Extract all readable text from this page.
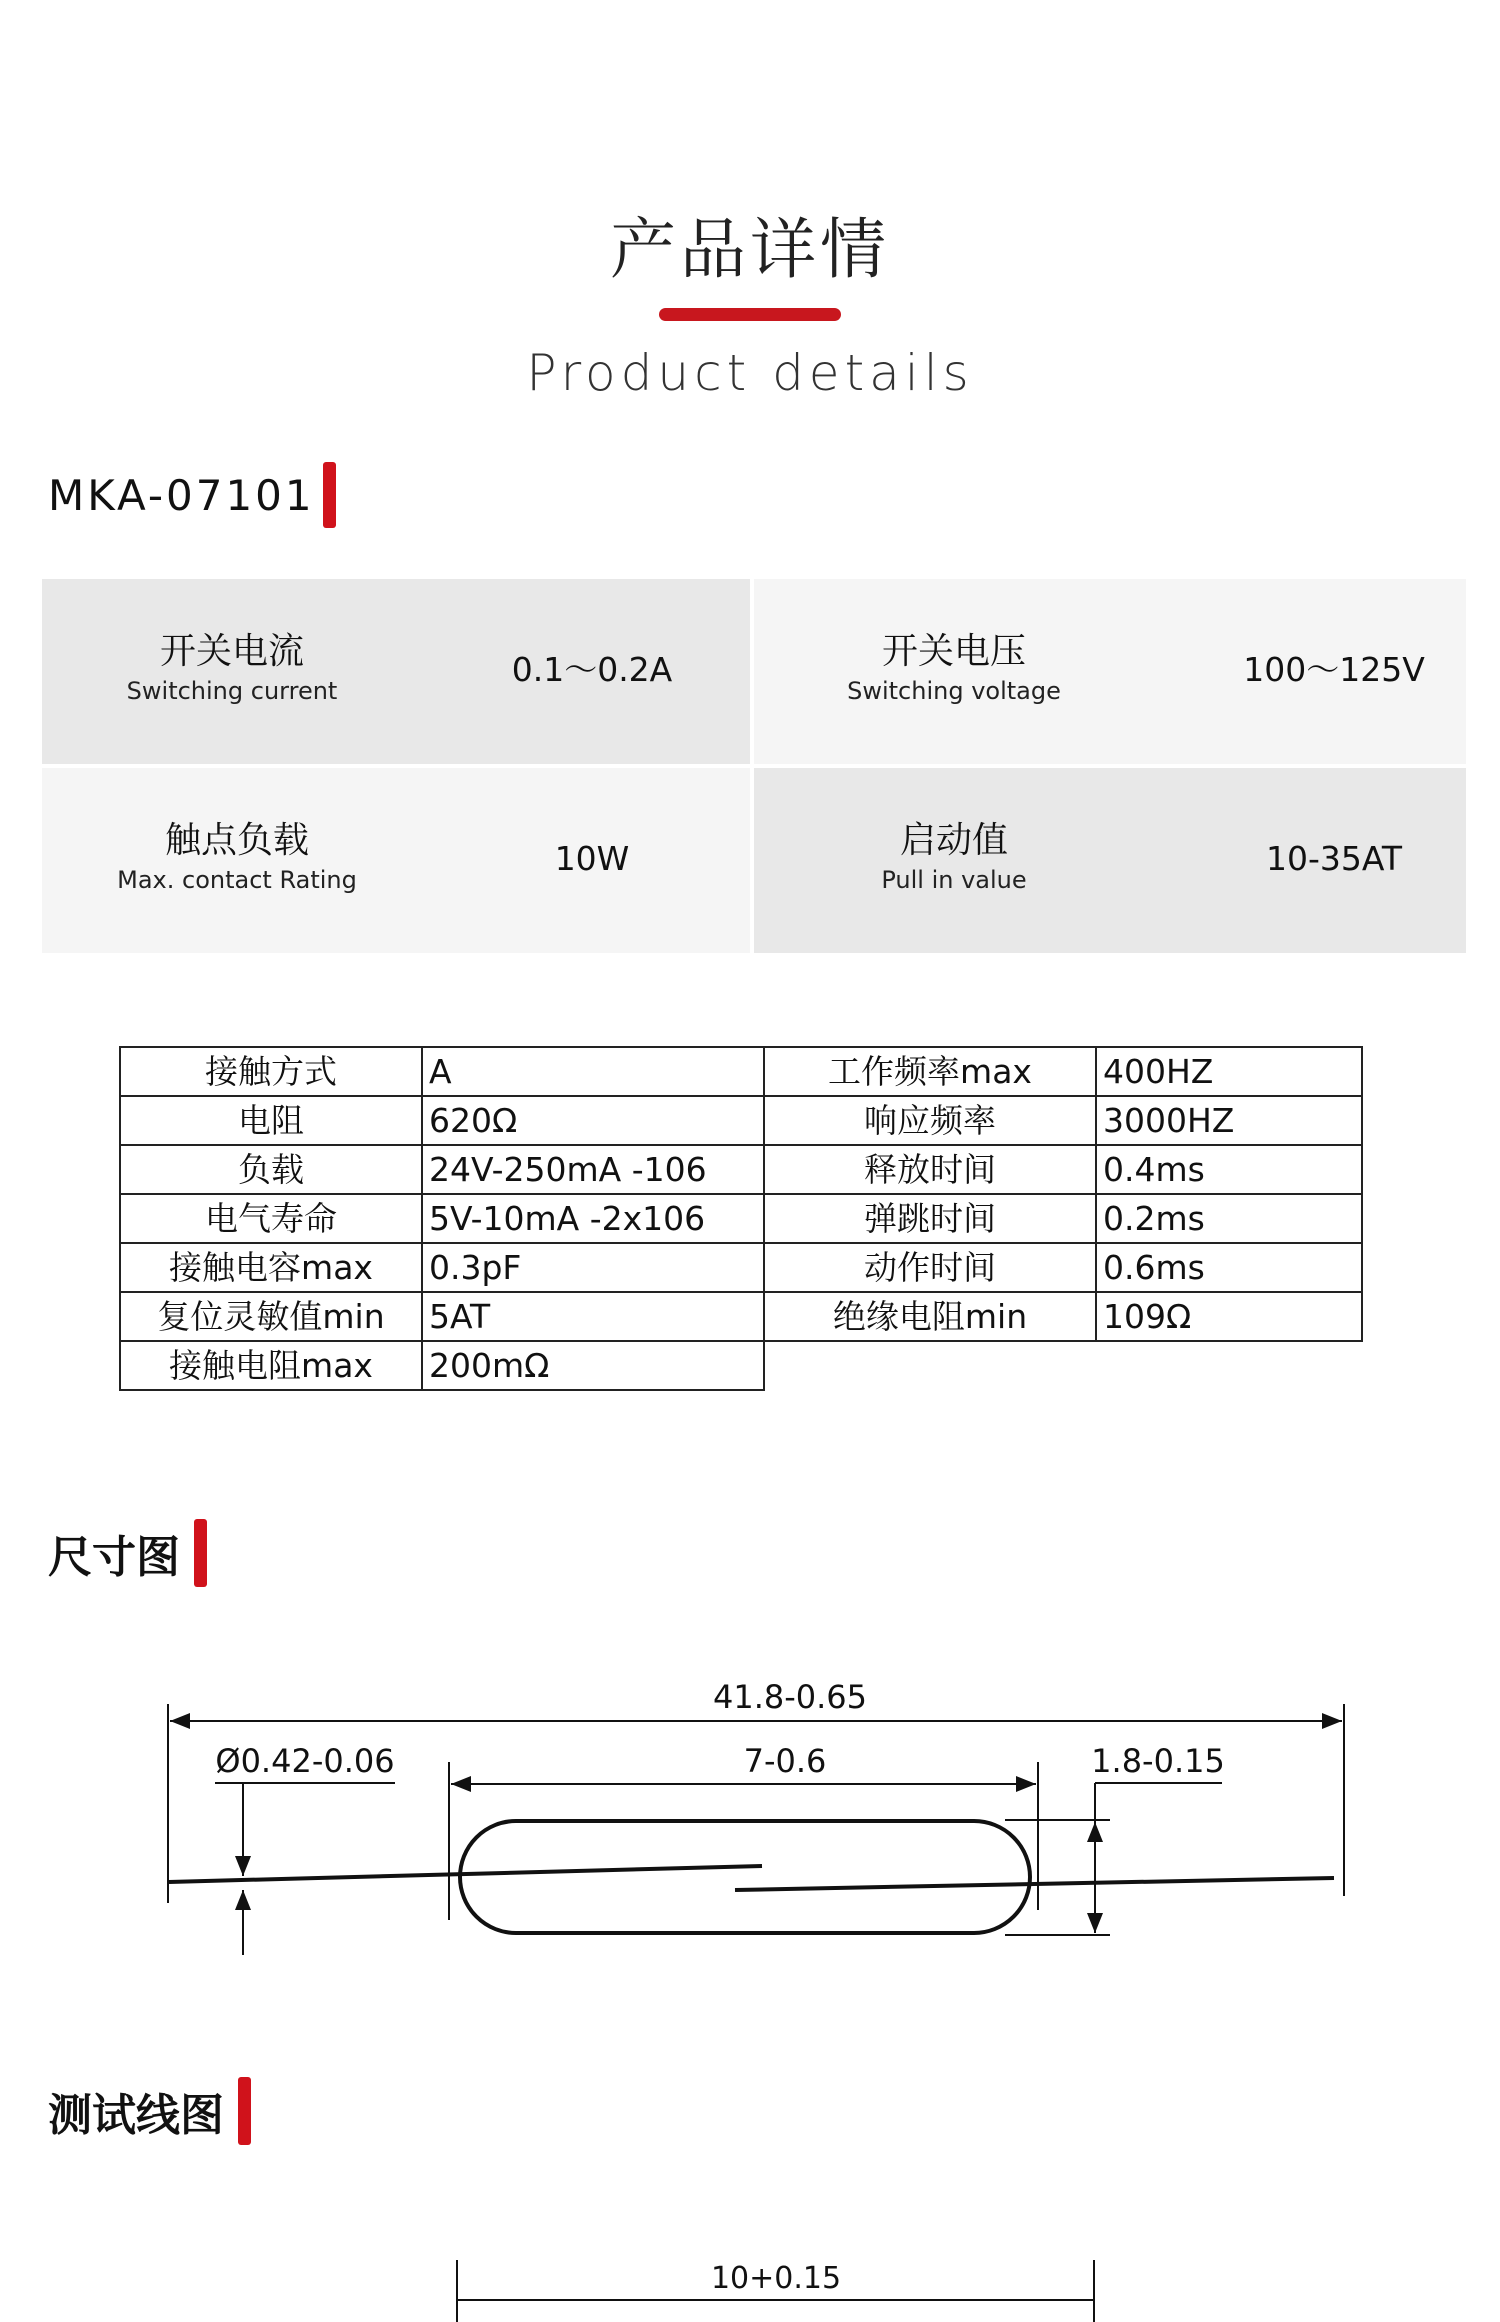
产品详情
Product details
MKA-07101
开关电流
Switching current
0.1～0.2A	开关电压
Switching voltage
100～125V
触点负载
Max. contact Rating
10W	启动值
Pull in value
10-35AT
接触方式	A	工作频率max	400HZ
电阻	620Ω	响应频率	3000HZ
负载	24V-250mA -106	释放时间	0.4ms
电气寿命	5V-10mA -2x106	弹跳时间	0.2ms
接触电容max	0.3pF	动作时间	0.6ms
复位灵敏值min	5AT	绝缘电阻min	109Ω
接触电阻max	200mΩ		
尺寸图
41.8-0.65
7-0.6
Ø0.42-0.06	1.8-0.15
测试线图
10+0.15
